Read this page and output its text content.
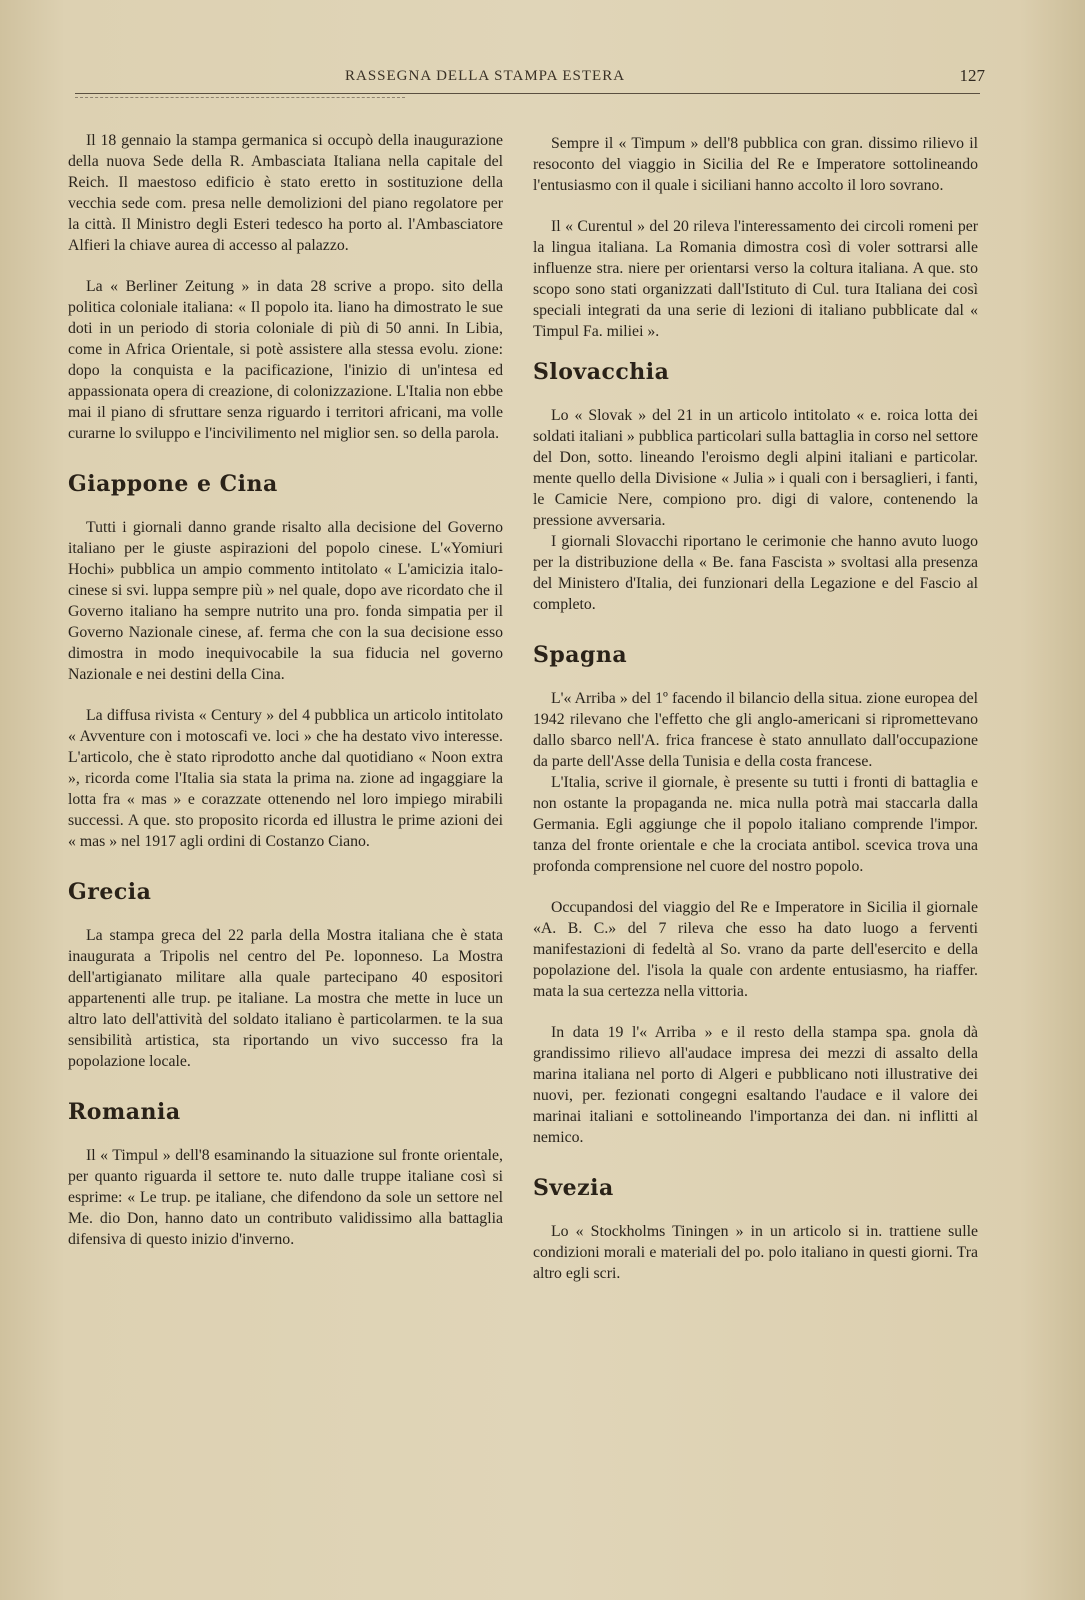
RASSEGNA DELLA STAMPA ESTERA	127

Il 18 gennaio la stampa germanica si occupò della inaugurazione della nuova Sede della R. Ambasciata Italiana nella capitale del Reich. Il maestoso edificio è stato eretto in sostituzione della vecchia sede com. presa nelle demolizioni del piano regolatore per la città. Il Ministro degli Esteri tedesco ha porto al. l'Ambasciatore Alfieri la chiave aurea di accesso al palazzo.

La « Berliner Zeitung » in data 28 scrive a propo. sito della politica coloniale italiana: « Il popolo ita. liano ha dimostrato le sue doti in un periodo di storia coloniale di più di 50 anni. In Libia, come in Africa Orientale, si potè assistere alla stessa evolu. zione: dopo la conquista e la pacificazione, l'inizio di un'intesa ed appassionata opera di creazione, di colonizzazione. L'Italia non ebbe mai il piano di sfruttare senza riguardo i territori africani, ma volle curarne lo sviluppo e l'incivilimento nel miglior sen. so della parola.

Giappone e Cina

Tutti i giornali danno grande risalto alla decisione del Governo italiano per le giuste aspirazioni del popolo cinese. L'«Yomiuri Hochi» pubblica un ampio commento intitolato « L'amicizia italo-cinese si svi. luppa sempre più » nel quale, dopo ave ricordato che il Governo italiano ha sempre nutrito una pro. fonda simpatia per il Governo Nazionale cinese, af. ferma che con la sua decisione esso dimostra in modo inequivocabile la sua fiducia nel governo Nazionale e nei destini della Cina.

La diffusa rivista « Century » del 4 pubblica un articolo intitolato « Avventure con i motoscafi ve. loci » che ha destato vivo interesse. L'articolo, che è stato riprodotto anche dal quotidiano « Noon extra », ricorda come l'Italia sia stata la prima na. zione ad ingaggiare la lotta fra « mas » e corazzate ottenendo nel loro impiego mirabili successi. A que. sto proposito ricorda ed illustra le prime azioni dei « mas » nel 1917 agli ordini di Costanzo Ciano.

Grecia

La stampa greca del 22 parla della Mostra italiana che è stata inaugurata a Tripolis nel centro del Pe. loponneso. La Mostra dell'artigianato militare alla quale partecipano 40 espositori appartenenti alle trup. pe italiane. La mostra che mette in luce un altro lato dell'attività del soldato italiano è particolarmen. te la sua sensibilità artistica, sta riportando un vivo successo fra la popolazione locale.

Romania

Il « Timpul » dell'8 esaminando la situazione sul fronte orientale, per quanto riguarda il settore te. nuto dalle truppe italiane così si esprime: « Le trup. pe italiane, che difendono da sole un settore nel Me. dio Don, hanno dato un contributo validissimo alla battaglia difensiva di questo inizio d'inverno.

Sempre il « Timpum » dell'8 pubblica con gran. dissimo rilievo il resoconto del viaggio in Sicilia del Re e Imperatore sottolineando l'entusiasmo con il quale i siciliani hanno accolto il loro sovrano.

Il « Curentul » del 20 rileva l'interessamento dei circoli romeni per la lingua italiana. La Romania dimostra così di voler sottrarsi alle influenze stra. niere per orientarsi verso la coltura italiana. A que. sto scopo sono stati organizzati dall'Istituto di Cul. tura Italiana dei così speciali integrati da una serie di lezioni di italiano pubblicate dal « Timpul Fa. miliei ».

Slovacchia

Lo « Slovak » del 21 in un articolo intitolato « e. roica lotta dei soldati italiani » pubblica particolari sulla battaglia in corso nel settore del Don, sotto. lineando l'eroismo degli alpini italiani e particolar. mente quello della Divisione « Julia » i quali con i bersaglieri, i fanti, le Camicie Nere, compiono pro. digi di valore, contenendo la pressione avversaria.

I giornali Slovacchi riportano le cerimonie che hanno avuto luogo per la distribuzione della « Be. fana Fascista » svoltasi alla presenza del Ministero d'Italia, dei funzionari della Legazione e del Fascio al completo.

Spagna

L'« Arriba » del 1º facendo il bilancio della situa. zione europea del 1942 rilevano che l'effetto che gli anglo-americani si ripromettevano dallo sbarco nell'A. frica francese è stato annullato dall'occupazione da parte dell'Asse della Tunisia e della costa francese.

L'Italia, scrive il giornale, è presente su tutti i fronti di battaglia e non ostante la propaganda ne. mica nulla potrà mai staccarla dalla Germania. Egli aggiunge che il popolo italiano comprende l'impor. tanza del fronte orientale e che la crociata antibol. scevica trova una profonda comprensione nel cuore del nostro popolo.

Occupandosi del viaggio del Re e Imperatore in Sicilia il giornale «A. B. C.» del 7 rileva che esso ha dato luogo a ferventi manifestazioni di fedeltà al So. vrano da parte dell'esercito e della popolazione del. l'isola la quale con ardente entusiasmo, ha riaffer. mata la sua certezza nella vittoria.

In data 19 l'« Arriba » e il resto della stampa spa. gnola dà grandissimo rilievo all'audace impresa dei mezzi di assalto della marina italiana nel porto di Algeri e pubblicano noti illustrative dei nuovi, per. fezionati congegni esaltando l'audace e il valore dei marinai italiani e sottolineando l'importanza dei dan. ni inflitti al nemico.

Svezia

Lo « Stockholms Tiningen » in un articolo si in. trattiene sulle condizioni morali e materiali del po. polo italiano in questi giorni. Tra altro egli scri.
